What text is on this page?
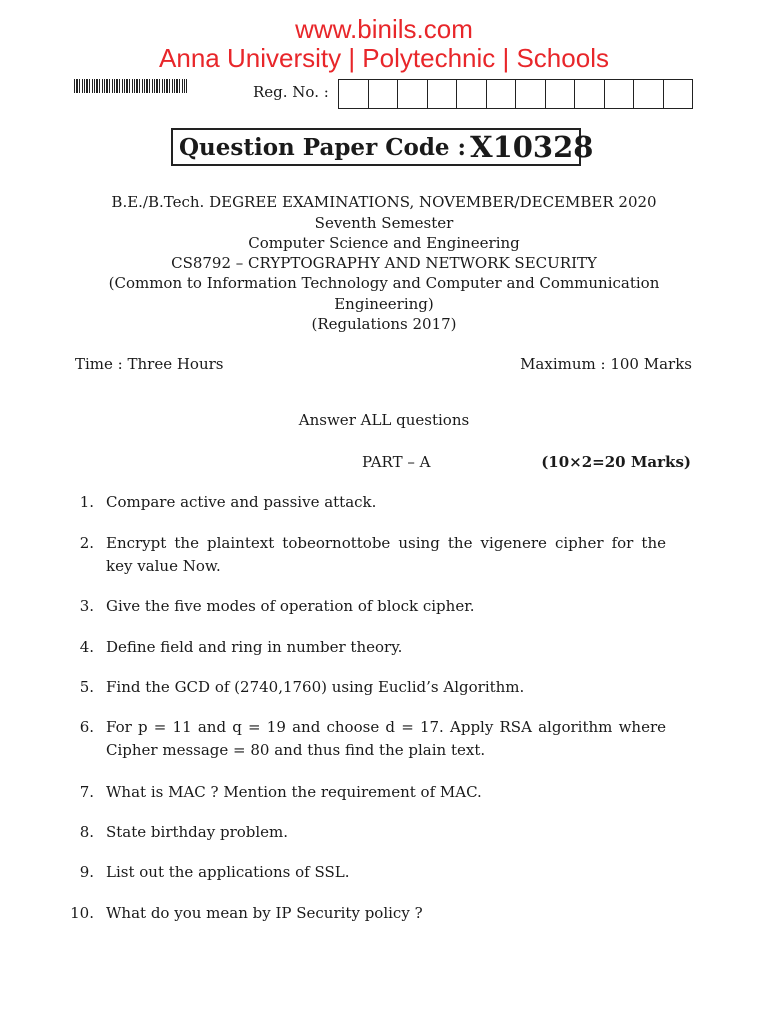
www.binils.com
Anna University | Polytechnic | Schools
Reg. No. :
Question Paper Code : X10328
B.E./B.Tech. DEGREE EXAMINATIONS, NOVEMBER/DECEMBER 2020
Seventh Semester
Computer Science and Engineering
CS8792 – CRYPTOGRAPHY AND NETWORK SECURITY
(Common to Information Technology and Computer and Communication
Engineering)
(Regulations 2017)
Time : Three Hours	Maximum : 100 Marks
Answer ALL questions
PART – A	(10×2=20 Marks)
1. Compare active and passive attack.
2. Encrypt the plaintext tobeornottobe using the vigenere cipher for the key value Now.
3. Give the five modes of operation of block cipher.
4. Define field and ring in number theory.
5. Find the GCD of (2740,1760) using Euclid’s Algorithm.
6. For p = 11 and q = 19 and choose d = 17. Apply RSA algorithm where Cipher message = 80 and thus find the plain text.
7. What is MAC ? Mention the requirement of MAC.
8. State birthday problem.
9. List out the applications of SSL.
10. What do you mean by IP Security policy ?
